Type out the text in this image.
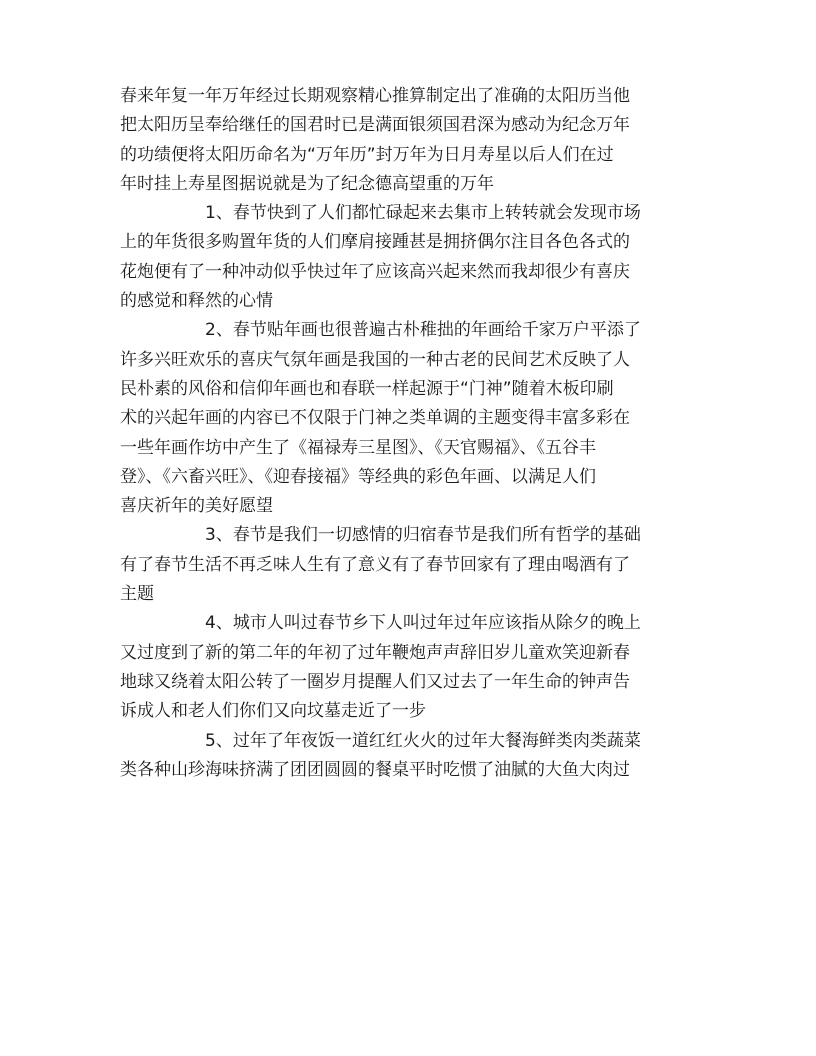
春来年复一年万年经过长期观察精心推算制定出了准确的太阳历当他
把太阳历呈奉给继任的国君时已是满面银须国君深为感动为纪念万年
的功绩便将太阳历命名为“万年历”封万年为日月寿星以后人们在过
年时挂上寿星图据说就是为了纪念德高望重的万年
1、春节快到了人们都忙碌起来去集市上转转就会发现市场
上的年货很多购置年货的人们摩肩接踵甚是拥挤偶尔注目各色各式的
花炮便有了一种冲动似乎快过年了应该高兴起来然而我却很少有喜庆
的感觉和释然的心情
2、春节贴年画也很普遍古朴稚拙的年画给千家万户平添了
许多兴旺欢乐的喜庆气氛年画是我国的一种古老的民间艺术反映了人
民朴素的风俗和信仰年画也和春联一样起源于“门神”随着木板印刷
术的兴起年画的内容已不仅限于门神之类单调的主题变得丰富多彩在
一些年画作坊中产生了《福禄寿三星图》、《天官赐福》、《五谷丰
登》、《六畜兴旺》、《迎春接福》等经典的彩色年画、以满足人们
喜庆祈年的美好愿望
3、春节是我们一切感情的归宿春节是我们所有哲学的基础
有了春节生活不再乏味人生有了意义有了春节回家有了理由喝酒有了
主题
4、城市人叫过春节乡下人叫过年过年应该指从除夕的晚上
又过度到了新的第二年的年初了过年鞭炮声声辞旧岁儿童欢笑迎新春
地球又绕着太阳公转了一圈岁月提醒人们又过去了一年生命的钟声告
诉成人和老人们你们又向坟墓走近了一步
5、过年了年夜饭一道红红火火的过年大餐海鲜类肉类蔬菜
类各种山珍海味挤满了团团圆圆的餐桌平时吃惯了油腻的大鱼大肉过
